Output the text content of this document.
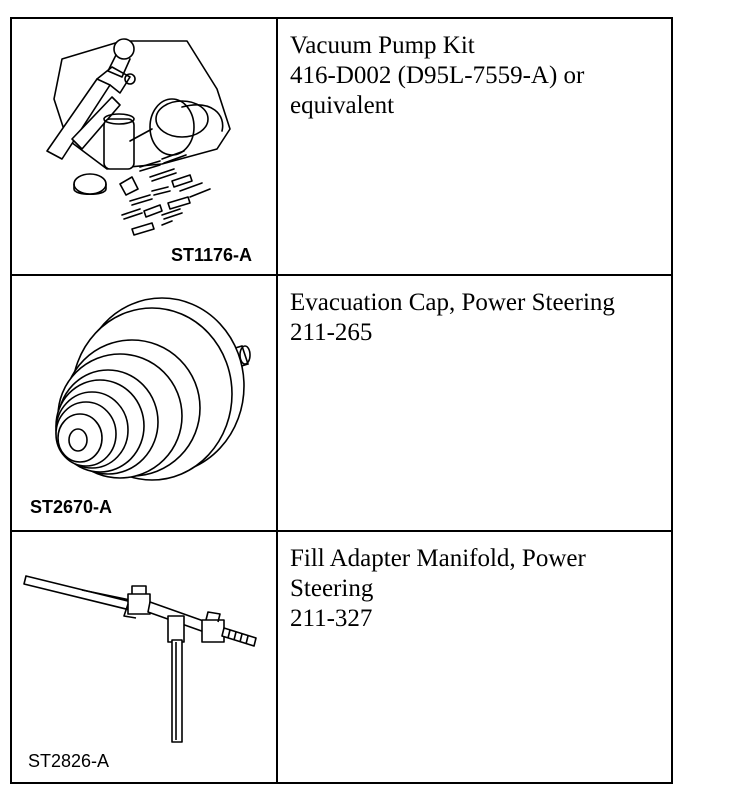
ST1176-A
Vacuum Pump Kit
416-D002 (D95L-7559-A) or
equivalent
ST2670-A
Evacuation Cap, Power Steering
211-265
ST2826-A
Fill Adapter Manifold, Power
Steering
211-327
